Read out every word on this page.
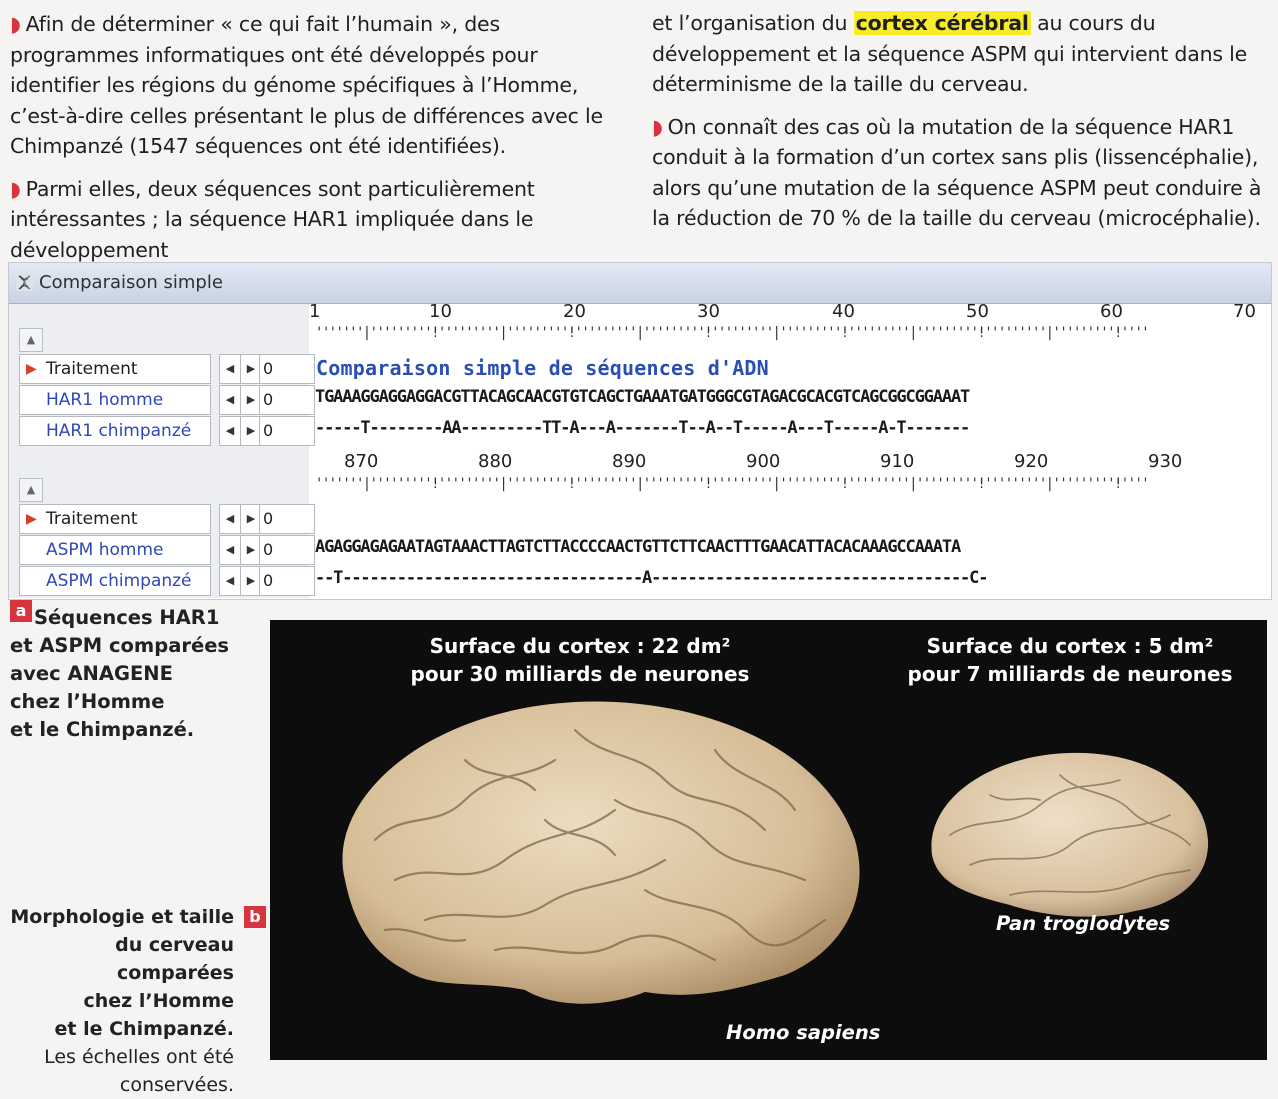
◗ Afin de déterminer « ce qui fait l’humain », des programmes informatiques ont été développés pour identifier les régions du génome spécifiques à l’Homme, c’est-à-dire celles présentant le plus de différences avec le Chimpanzé (1547 séquences ont été identifiées).

◗ Parmi elles, deux séquences sont particulièrement intéressantes ; la séquence HAR1 impliquée dans le développement

et l’organisation du cortex cérébral au cours du développement et la séquence ASPM qui intervient dans le déterminisme de la taille du cerveau.

◗ On connaît des cas où la mutation de la séquence HAR1 conduit à la formation d’un cortex sans plis (lissencéphalie), alors qu’une mutation de la séquence ASPM peut conduire à la réduction de 70 % de la taille du cerveau (microcéphalie).

Comparaison simple
▲
▶ Traitement	◀	▶ 0
HAR1 homme	◀	▶ 0
HAR1 chimpanzé	◀	▶ 0
1	10	20	30	40	50	60	70
'''''''|'''''''''!'''''''''|'''''''''!'''''''''|'''''''''!'''''''''|'''''''''!'''''''''|'''''''''!'''''''''|'''''''''!''''
Comparaison simple de séquences d'ADN
TGAAAGGAGGAGGACGTTACAGCAACGTGTCAGCTGAAATGATGGGCGTAGACGCACGTCAGCGGCGGAAAT
-----T--------AA---------TT-A---A-------T--A--T-----A---T-----A-T-------
▲
▶ Traitement	◀	▶ 0
ASPM homme	◀	▶ 0
ASPM chimpanzé	◀	▶ 0
870	880	890	900	910	920	930
'''''''|'''''''''!'''''''''|'''''''''!'''''''''|'''''''''!'''''''''|'''''''''!'''''''''|'''''''''!'''''''''|'''''''''!''''
AGAGGAGAGAATAGTAAACTTAGTCTTACCCCAACTGTTCTTCAACTTTGAACATTACACAAAGCCAAATA
--T---------------------------------A-----------------------------------C-
a Séquences HAR1
et ASPM comparées
avec ANAGENE
chez l’Homme
et le Chimpanzé.
Morphologie et taille
du cerveau comparées
chez l’Homme
et le Chimpanzé.
Les échelles ont été
conservées.
b
Surface du cortex : 22 dm²
pour 30 milliards de neurones
Surface du cortex : 5 dm²
pour 7 milliards de neurones
Homo sapiens
Pan troglodytes
